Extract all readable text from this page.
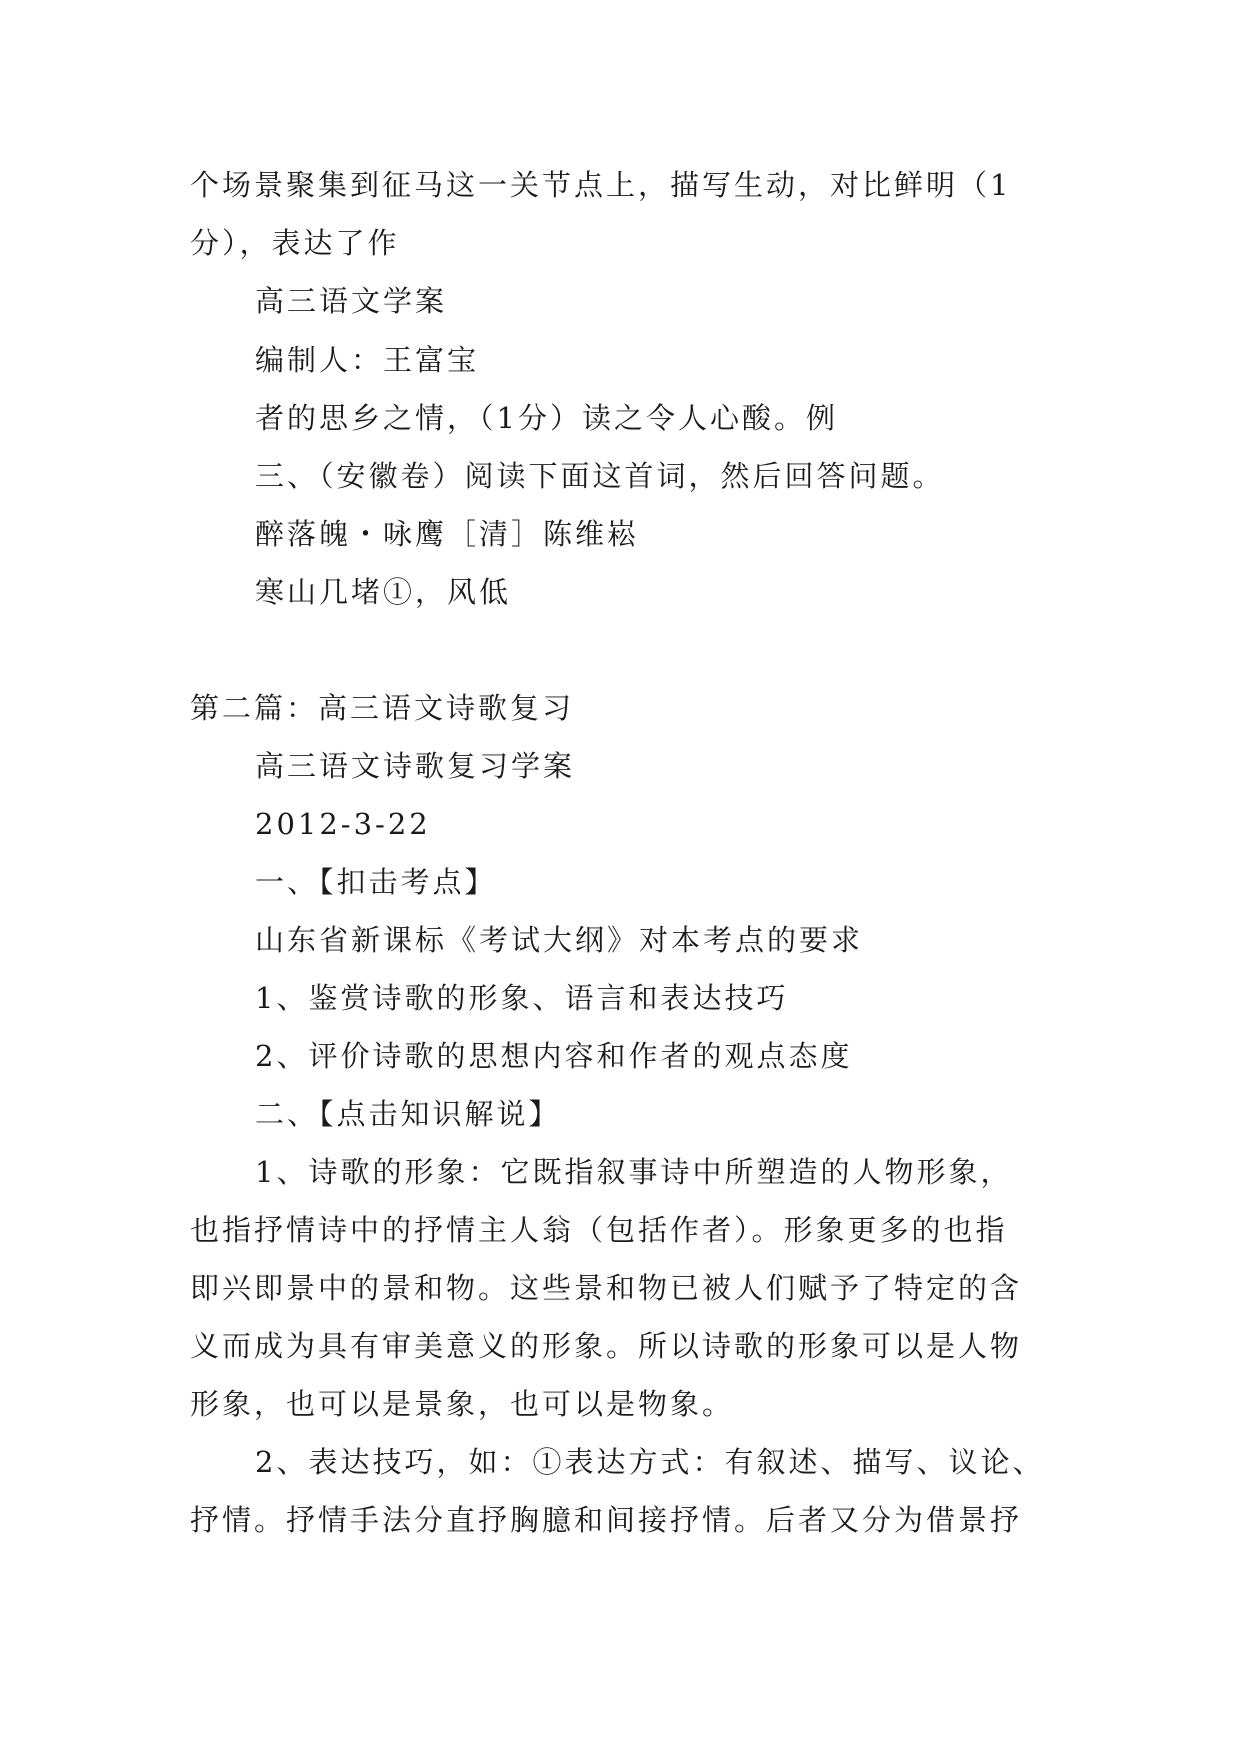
个场景聚集到征马这一关节点上，描写生动，对比鲜明（1
分），表达了作
高三语文学案
编制人：王富宝
者的思乡之情，（1分）读之令人心酸。例
三、（安徽卷）阅读下面这首词，然后回答问题。
醉落魄・咏鹰［清］陈维崧
寒山几堵①，风低
第二篇：高三语文诗歌复习
高三语文诗歌复习学案
2012-3-22
一、【扣击考点】
山东省新课标《考试大纲》对本考点的要求
1、鉴赏诗歌的形象、语言和表达技巧
2、评价诗歌的思想内容和作者的观点态度
二、【点击知识解说】
1、诗歌的形象：它既指叙事诗中所塑造的人物形象，
也指抒情诗中的抒情主人翁（包括作者）。形象更多的也指
即兴即景中的景和物。这些景和物已被人们赋予了特定的含
义而成为具有审美意义的形象。所以诗歌的形象可以是人物
形象，也可以是景象，也可以是物象。
2、表达技巧，如：①表达方式：有叙述、描写、议论、
抒情。抒情手法分直抒胸臆和间接抒情。后者又分为借景抒
